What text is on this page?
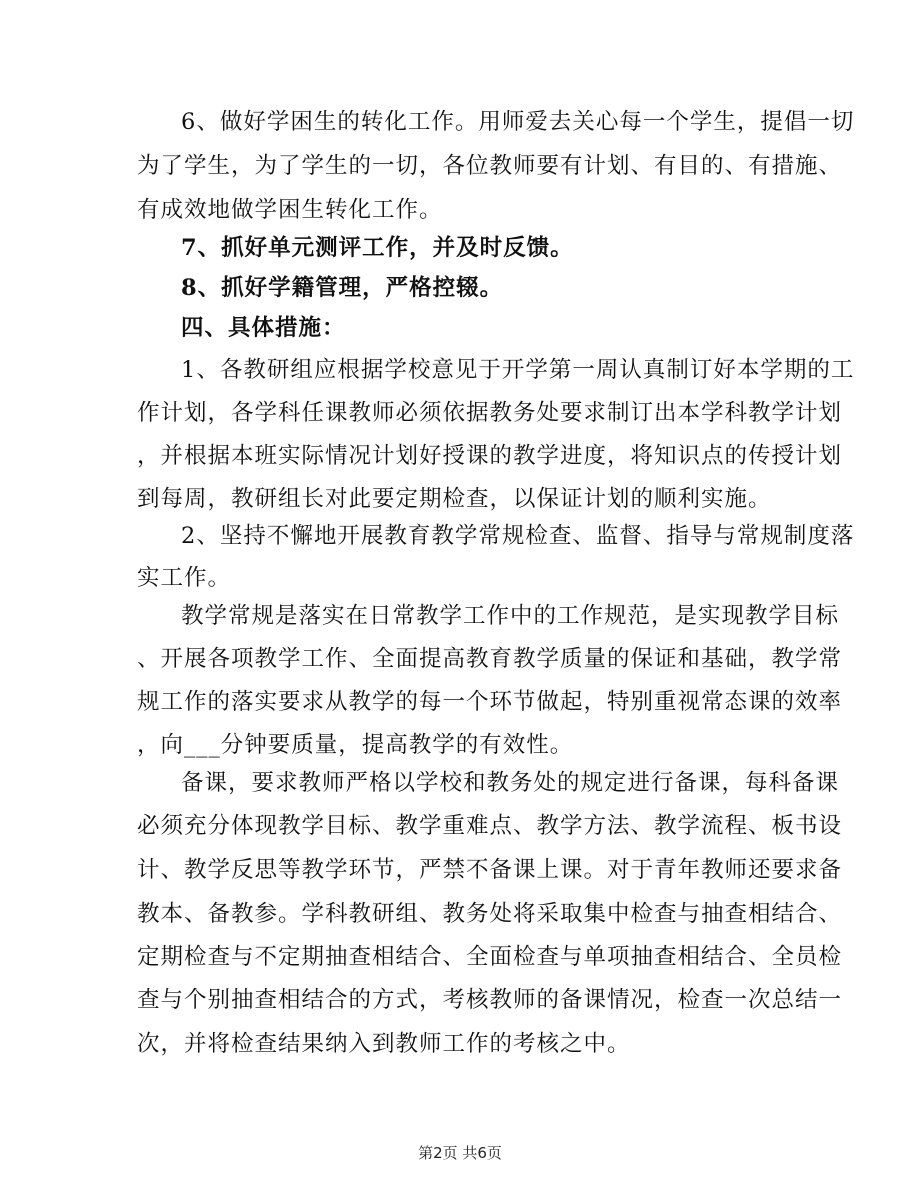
6、做好学困生的转化工作。用师爱去关心每一个学生，提倡一切
为了学生，为了学生的一切，各位教师要有计划、有目的、有措施、
有成效地做学困生转化工作。
7、抓好单元测评工作，并及时反馈。
8、抓好学籍管理，严格控辍。
四、具体措施：
1、各教研组应根据学校意见于开学第一周认真制订好本学期的工
作计划，各学科任课教师必须依据教务处要求制订出本学科教学计划
，并根据本班实际情况计划好授课的教学进度，将知识点的传授计划
到每周，教研组长对此要定期检查，以保证计划的顺利实施。
2、坚持不懈地开展教育教学常规检查、监督、指导与常规制度落
实工作。
教学常规是落实在日常教学工作中的工作规范，是实现教学目标
、开展各项教学工作、全面提高教育教学质量的保证和基础，教学常
规工作的落实要求从教学的每一个环节做起，特别重视常态课的效率
，向___分钟要质量，提高教学的有效性。
备课，要求教师严格以学校和教务处的规定进行备课，每科备课
必须充分体现教学目标、教学重难点、教学方法、教学流程、板书设
计、教学反思等教学环节，严禁不备课上课。对于青年教师还要求备
教本、备教参。学科教研组、教务处将采取集中检查与抽查相结合、
定期检查与不定期抽查相结合、全面检查与单项抽查相结合、全员检
查与个别抽查相结合的方式，考核教师的备课情况，检查一次总结一
次，并将检查结果纳入到教师工作的考核之中。
第2页 共6页
